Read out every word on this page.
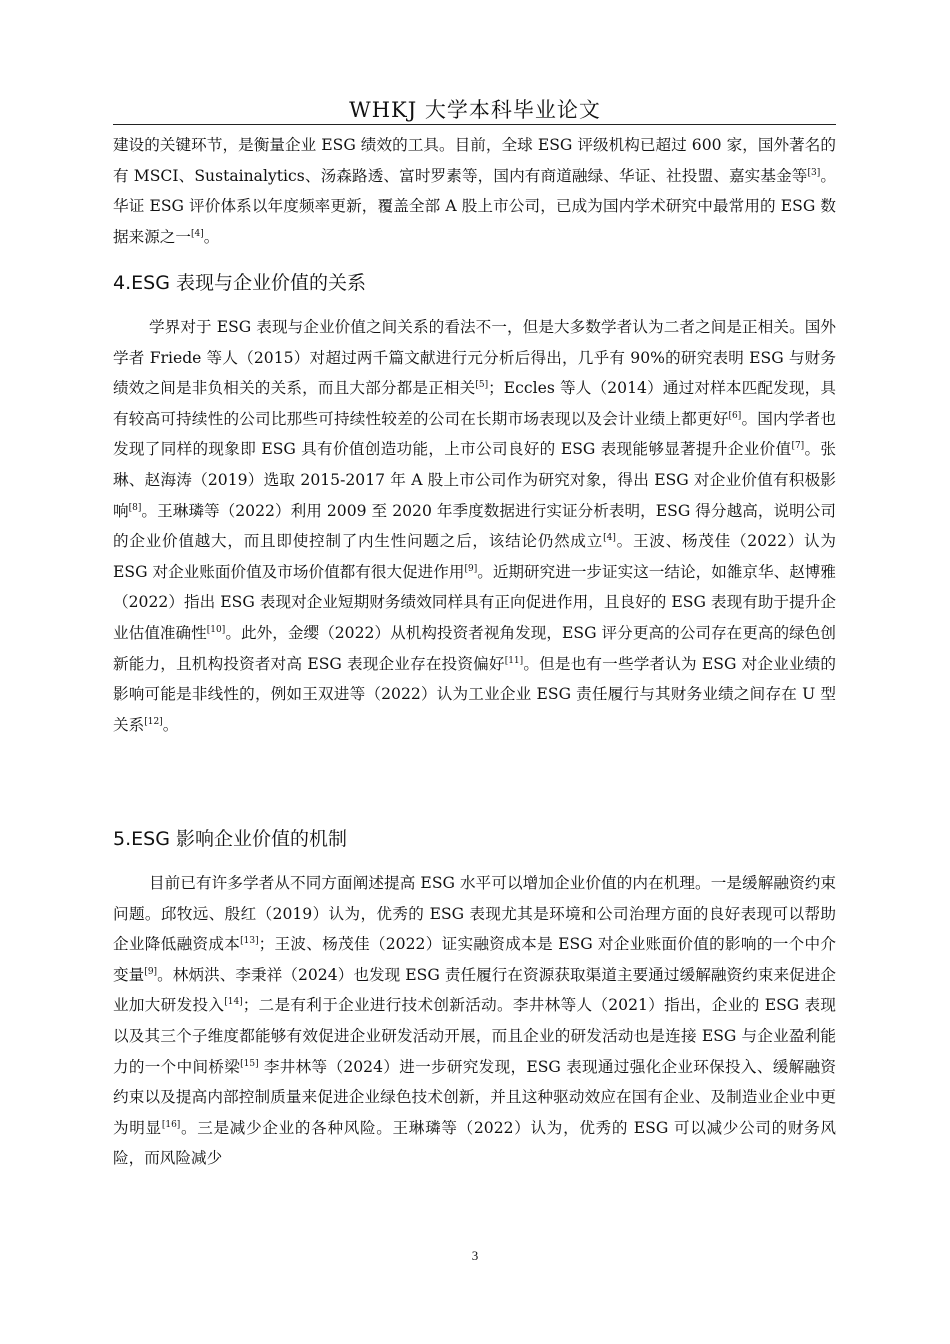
WHKJ 大学本科毕业论文

建设的关键环节，是衡量企业 ESG 绩效的工具。目前，全球 ESG 评级机构已超过 600 家，国外著名的有 MSCI、Sustainalytics、汤森路透、富时罗素等，国内有商道融绿、华证、社投盟、嘉实基金等[3]。华证 ESG 评价体系以年度频率更新，覆盖全部 A 股上市公司，已成为国内学术研究中最常用的 ESG 数据来源之一[4]。

4.ESG 表现与企业价值的关系

学界对于 ESG 表现与企业价值之间关系的看法不一，但是大多数学者认为二者之间是正相关。国外学者 Friede 等人（2015）对超过两千篇文献进行元分析后得出，几乎有 90%的研究表明 ESG 与财务绩效之间是非负相关的关系，而且大部分都是正相关[5]；Eccles 等人（2014）通过对样本匹配发现，具有较高可持续性的公司比那些可持续性较差的公司在长期市场表现以及会计业绩上都更好[6]。国内学者也发现了同样的现象即 ESG 具有价值创造功能，上市公司良好的 ESG 表现能够显著提升企业价值[7]。张琳、赵海涛（2019）选取 2015-2017 年 A 股上市公司作为研究对象，得出 ESG 对企业价值有积极影响[8]。王琳璘等（2022）利用 2009 至 2020 年季度数据进行实证分析表明，ESG 得分越高，说明公司的企业价值越大，而且即使控制了内生性问题之后，该结论仍然成立[4]。王波、杨茂佳（2022）认为 ESG 对企业账面价值及市场价值都有很大促进作用[9]。近期研究进一步证实这一结论，如雒京华、赵博雅（2022）指出 ESG 表现对企业短期财务绩效同样具有正向促进作用，且良好的 ESG 表现有助于提升企业估值准确性[10]。此外，金缨（2022）从机构投资者视角发现，ESG 评分更高的公司存在更高的绿色创新能力，且机构投资者对高 ESG 表现企业存在投资偏好[11]。但是也有一些学者认为 ESG 对企业业绩的影响可能是非线性的，例如王双进等（2022）认为工业企业 ESG 责任履行与其财务业绩之间存在 U 型关系[12]。

5.ESG 影响企业价值的机制

目前已有许多学者从不同方面阐述提高 ESG 水平可以增加企业价值的内在机理。一是缓解融资约束问题。邱牧远、殷红（2019）认为，优秀的 ESG 表现尤其是环境和公司治理方面的良好表现可以帮助企业降低融资成本[13]；王波、杨茂佳（2022）证实融资成本是 ESG 对企业账面价值的影响的一个中介变量[9]。林炳洪、李秉祥（2024）也发现 ESG 责任履行在资源获取渠道主要通过缓解融资约束来促进企业加大研发投入[14]；二是有利于企业进行技术创新活动。李井林等人（2021）指出，企业的 ESG 表现以及其三个子维度都能够有效促进企业研发活动开展，而且企业的研发活动也是连接 ESG 与企业盈利能力的一个中间桥梁[15] 李井林等（2024）进一步研究发现，ESG 表现通过强化企业环保投入、缓解融资约束以及提高内部控制质量来促进企业绿色技术创新，并且这种驱动效应在国有企业、及制造业企业中更为明显[16]。三是减少企业的各种风险。王琳璘等（2022）认为，优秀的 ESG 可以减少公司的财务风险，而风险减少

3
